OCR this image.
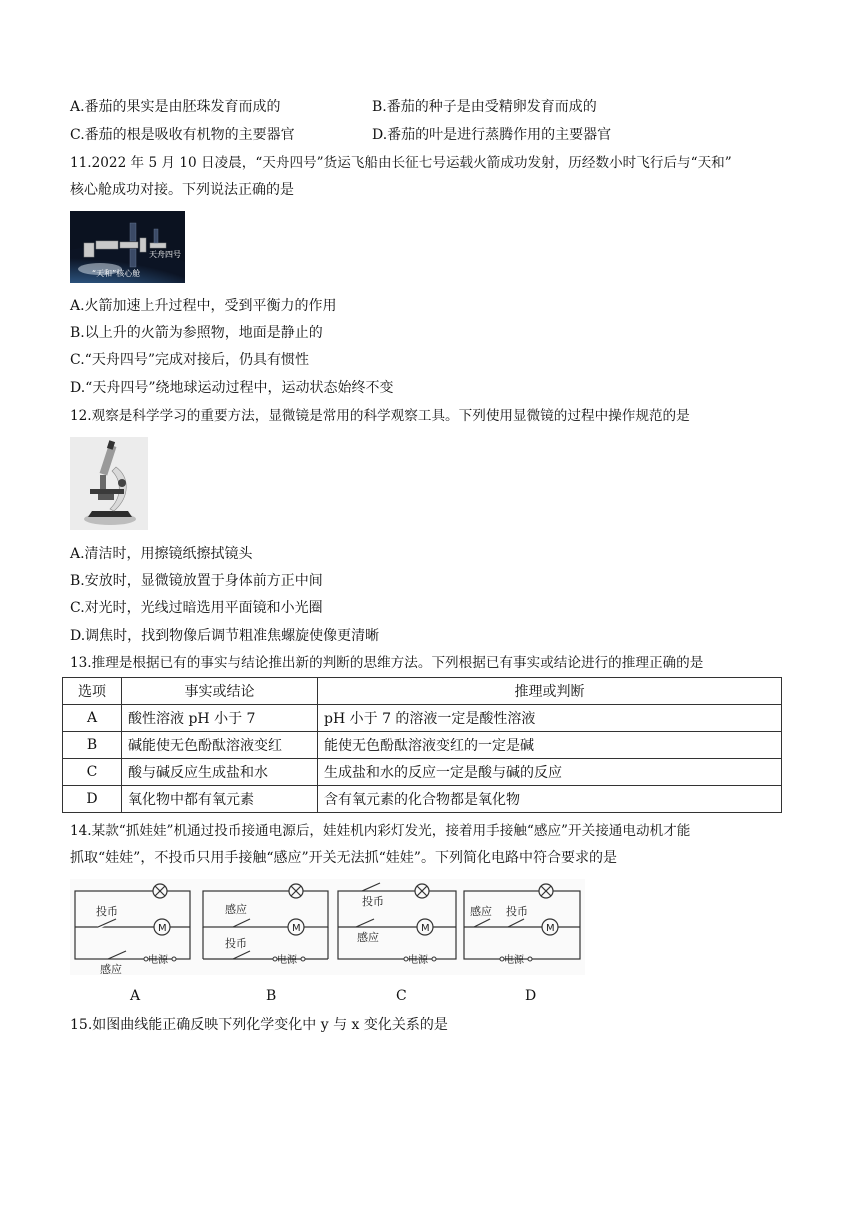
A.番茄的果实是由胚珠发育而成的	B.番茄的种子是由受精卵发育而成的
C.番茄的根是吸收有机物的主要器官	D.番茄的叶是进行蒸腾作用的主要器官
11.2022 年 5 月 10 日凌晨，“天舟四号”货运飞船由长征七号运载火箭成功发射，历经数小时飞行后与“天和”
核心舱成功对接。下列说法正确的是
天舟四号
“天和”核心舱
A.火箭加速上升过程中，受到平衡力的作用
B.以上升的火箭为参照物，地面是静止的
C.“天舟四号”完成对接后，仍具有惯性
D.“天舟四号”绕地球运动过程中，运动状态始终不变
12.观察是科学学习的重要方法，显微镜是常用的科学观察工具。下列使用显微镜的过程中操作规范的是
A.清洁时，用擦镜纸擦拭镜头
B.安放时，显微镜放置于身体前方正中间
C.对光时，光线过暗选用平面镜和小光圈
D.调焦时，找到物像后调节粗准焦螺旋使像更清晰
13.推理是根据已有的事实与结论推出新的判断的思维方法。下列根据已有事实或结论进行的推理正确的是
选项	事实或结论	推理或判断
A	酸性溶液 pH 小于 7	pH 小于 7 的溶液一定是酸性溶液
B	碱能使无色酚酞溶液变红	能使无色酚酞溶液变红的一定是碱
C	酸与碱反应生成盐和水	生成盐和水的反应一定是酸与碱的反应
D	氧化物中都有氧元素	含有氧元素的化合物都是氧化物
14.某款“抓娃娃”机通过投币接通电源后，娃娃机内彩灯发光，接着用手接触“感应”开关接通电动机才能
抓取“娃娃”，不投币只用手接触“感应”开关无法抓“娃娃”。下列简化电路中符合要求的是
投币
M
感应
电源
感应
M
投币
电源
投币
M
感应
电源
感应 投币
M
电源
A	B	C	D
15.如图曲线能正确反映下列化学变化中 y 与 x 变化关系的是
